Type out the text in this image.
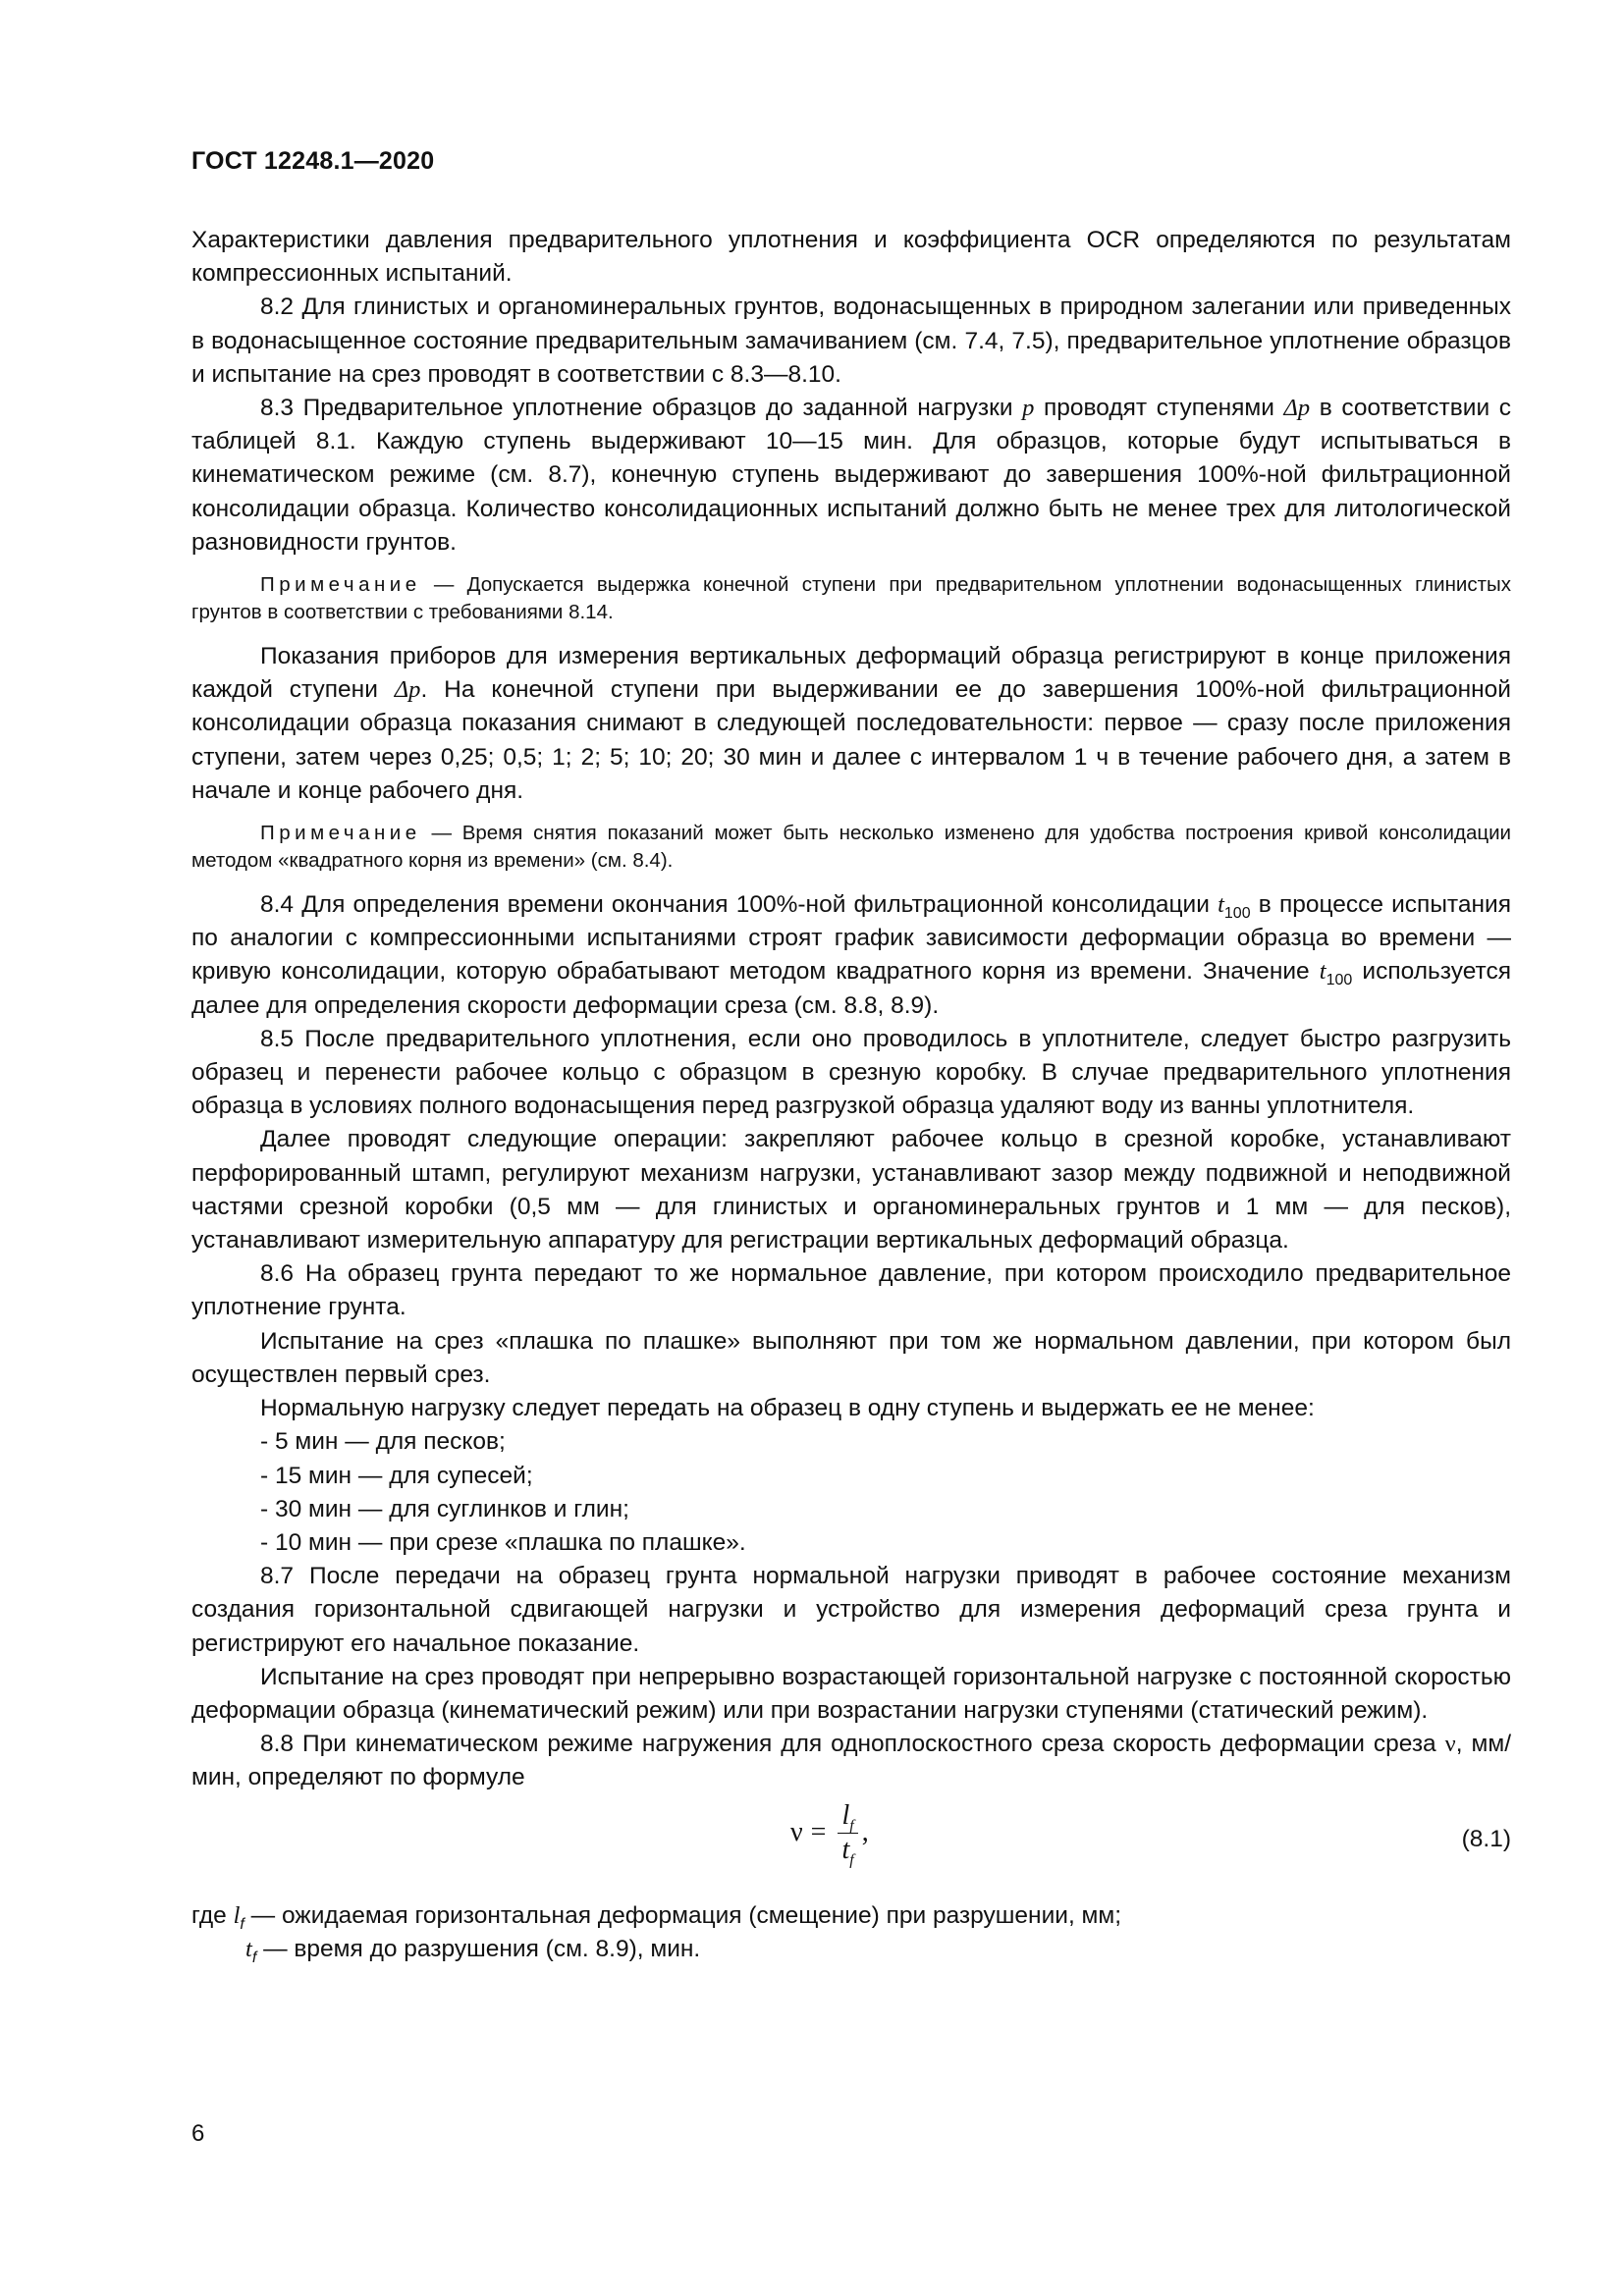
ГОСТ 12248.1—2020

Характеристики давления предварительного уплотнения и коэффициента OCR определяются по результатам компрессионных испытаний.

8.2 Для глинистых и органоминеральных грунтов, водонасыщенных в природном залегании или приведенных в водонасыщенное состояние предварительным замачиванием (см. 7.4, 7.5), предварительное уплотнение образцов и испытание на срез проводят в соответствии с 8.3—8.10.

8.3 Предварительное уплотнение образцов до заданной нагрузки р проводят ступенями Δр в соответствии с таблицей 8.1. Каждую ступень выдерживают 10—15 мин. Для образцов, которые будут испытываться в кинематическом режиме (см. 8.7), конечную ступень выдерживают до завершения 100%-ной фильтрационной консолидации образца. Количество консолидационных испытаний должно быть не менее трех для литологической разновидности грунтов.

Примечание — Допускается выдержка конечной ступени при предварительном уплотнении водонасыщенных глинистых грунтов в соответствии с требованиями 8.14.

Показания приборов для измерения вертикальных деформаций образца регистрируют в конце приложения каждой ступени Δр. На конечной ступени при выдерживании ее до завершения 100%-ной фильтрационной консолидации образца показания снимают в следующей последовательности: первое — сразу после приложения ступени, затем через 0,25; 0,5; 1; 2; 5; 10; 20; 30 мин и далее с интервалом 1 ч в течение рабочего дня, а затем в начале и конце рабочего дня.

Примечание — Время снятия показаний может быть несколько изменено для удобства построения кривой консолидации методом «квадратного корня из времени» (см. 8.4).

8.4 Для определения времени окончания 100%-ной фильтрационной консолидации $t_{100}$ в процессе испытания по аналогии с компрессионными испытаниями строят график зависимости деформации образца во времени — кривую консолидации, которую обрабатывают методом квадратного корня из времени. Значение $t_{100}$ используется далее для определения скорости деформации среза (см. 8.8, 8.9).

8.5 После предварительного уплотнения, если оно проводилось в уплотнителе, следует быстро разгрузить образец и перенести рабочее кольцо с образцом в срезную коробку. В случае предварительного уплотнения образца в условиях полного водонасыщения перед разгрузкой образца удаляют воду из ванны уплотнителя.

Далее проводят следующие операции: закрепляют рабочее кольцо в срезной коробке, устанавливают перфорированный штамп, регулируют механизм нагрузки, устанавливают зазор между подвижной и неподвижной частями срезной коробки (0,5 мм — для глинистых и органоминеральных грунтов и 1 мм — для песков), устанавливают измерительную аппаратуру для регистрации вертикальных деформаций образца.

8.6 На образец грунта передают то же нормальное давление, при котором происходило предварительное уплотнение грунта.

Испытание на срез «плашка по плашке» выполняют при том же нормальном давлении, при котором был осуществлен первый срез.

Нормальную нагрузку следует передать на образец в одну ступень и выдержать ее не менее:

- 5 мин — для песков;
- 15 мин — для супесей;
- 30 мин — для суглинков и глин;
- 10 мин — при срезе «плашка по плашке».

8.7 После передачи на образец грунта нормальной нагрузки приводят в рабочее состояние механизм создания горизонтальной сдвигающей нагрузки и устройство для измерения деформаций среза грунта и регистрируют его начальное показание.

Испытание на срез проводят при непрерывно возрастающей горизонтальной нагрузке с постоянной скоростью деформации образца (кинематический режим) или при возрастании нагрузки ступенями (статический режим).

8.8 При кинематическом режиме нагружения для одноплоскостного среза скорость деформации среза ν, мм/мин, определяют по формуле

$\nu = \frac{l_f}{t_f}$ ,	(8.1)

где $l_f$ — ожидаемая горизонтальная деформация (смещение) при разрушении, мм;

$t_f$ — время до разрушения (см. 8.9), мин.

6
